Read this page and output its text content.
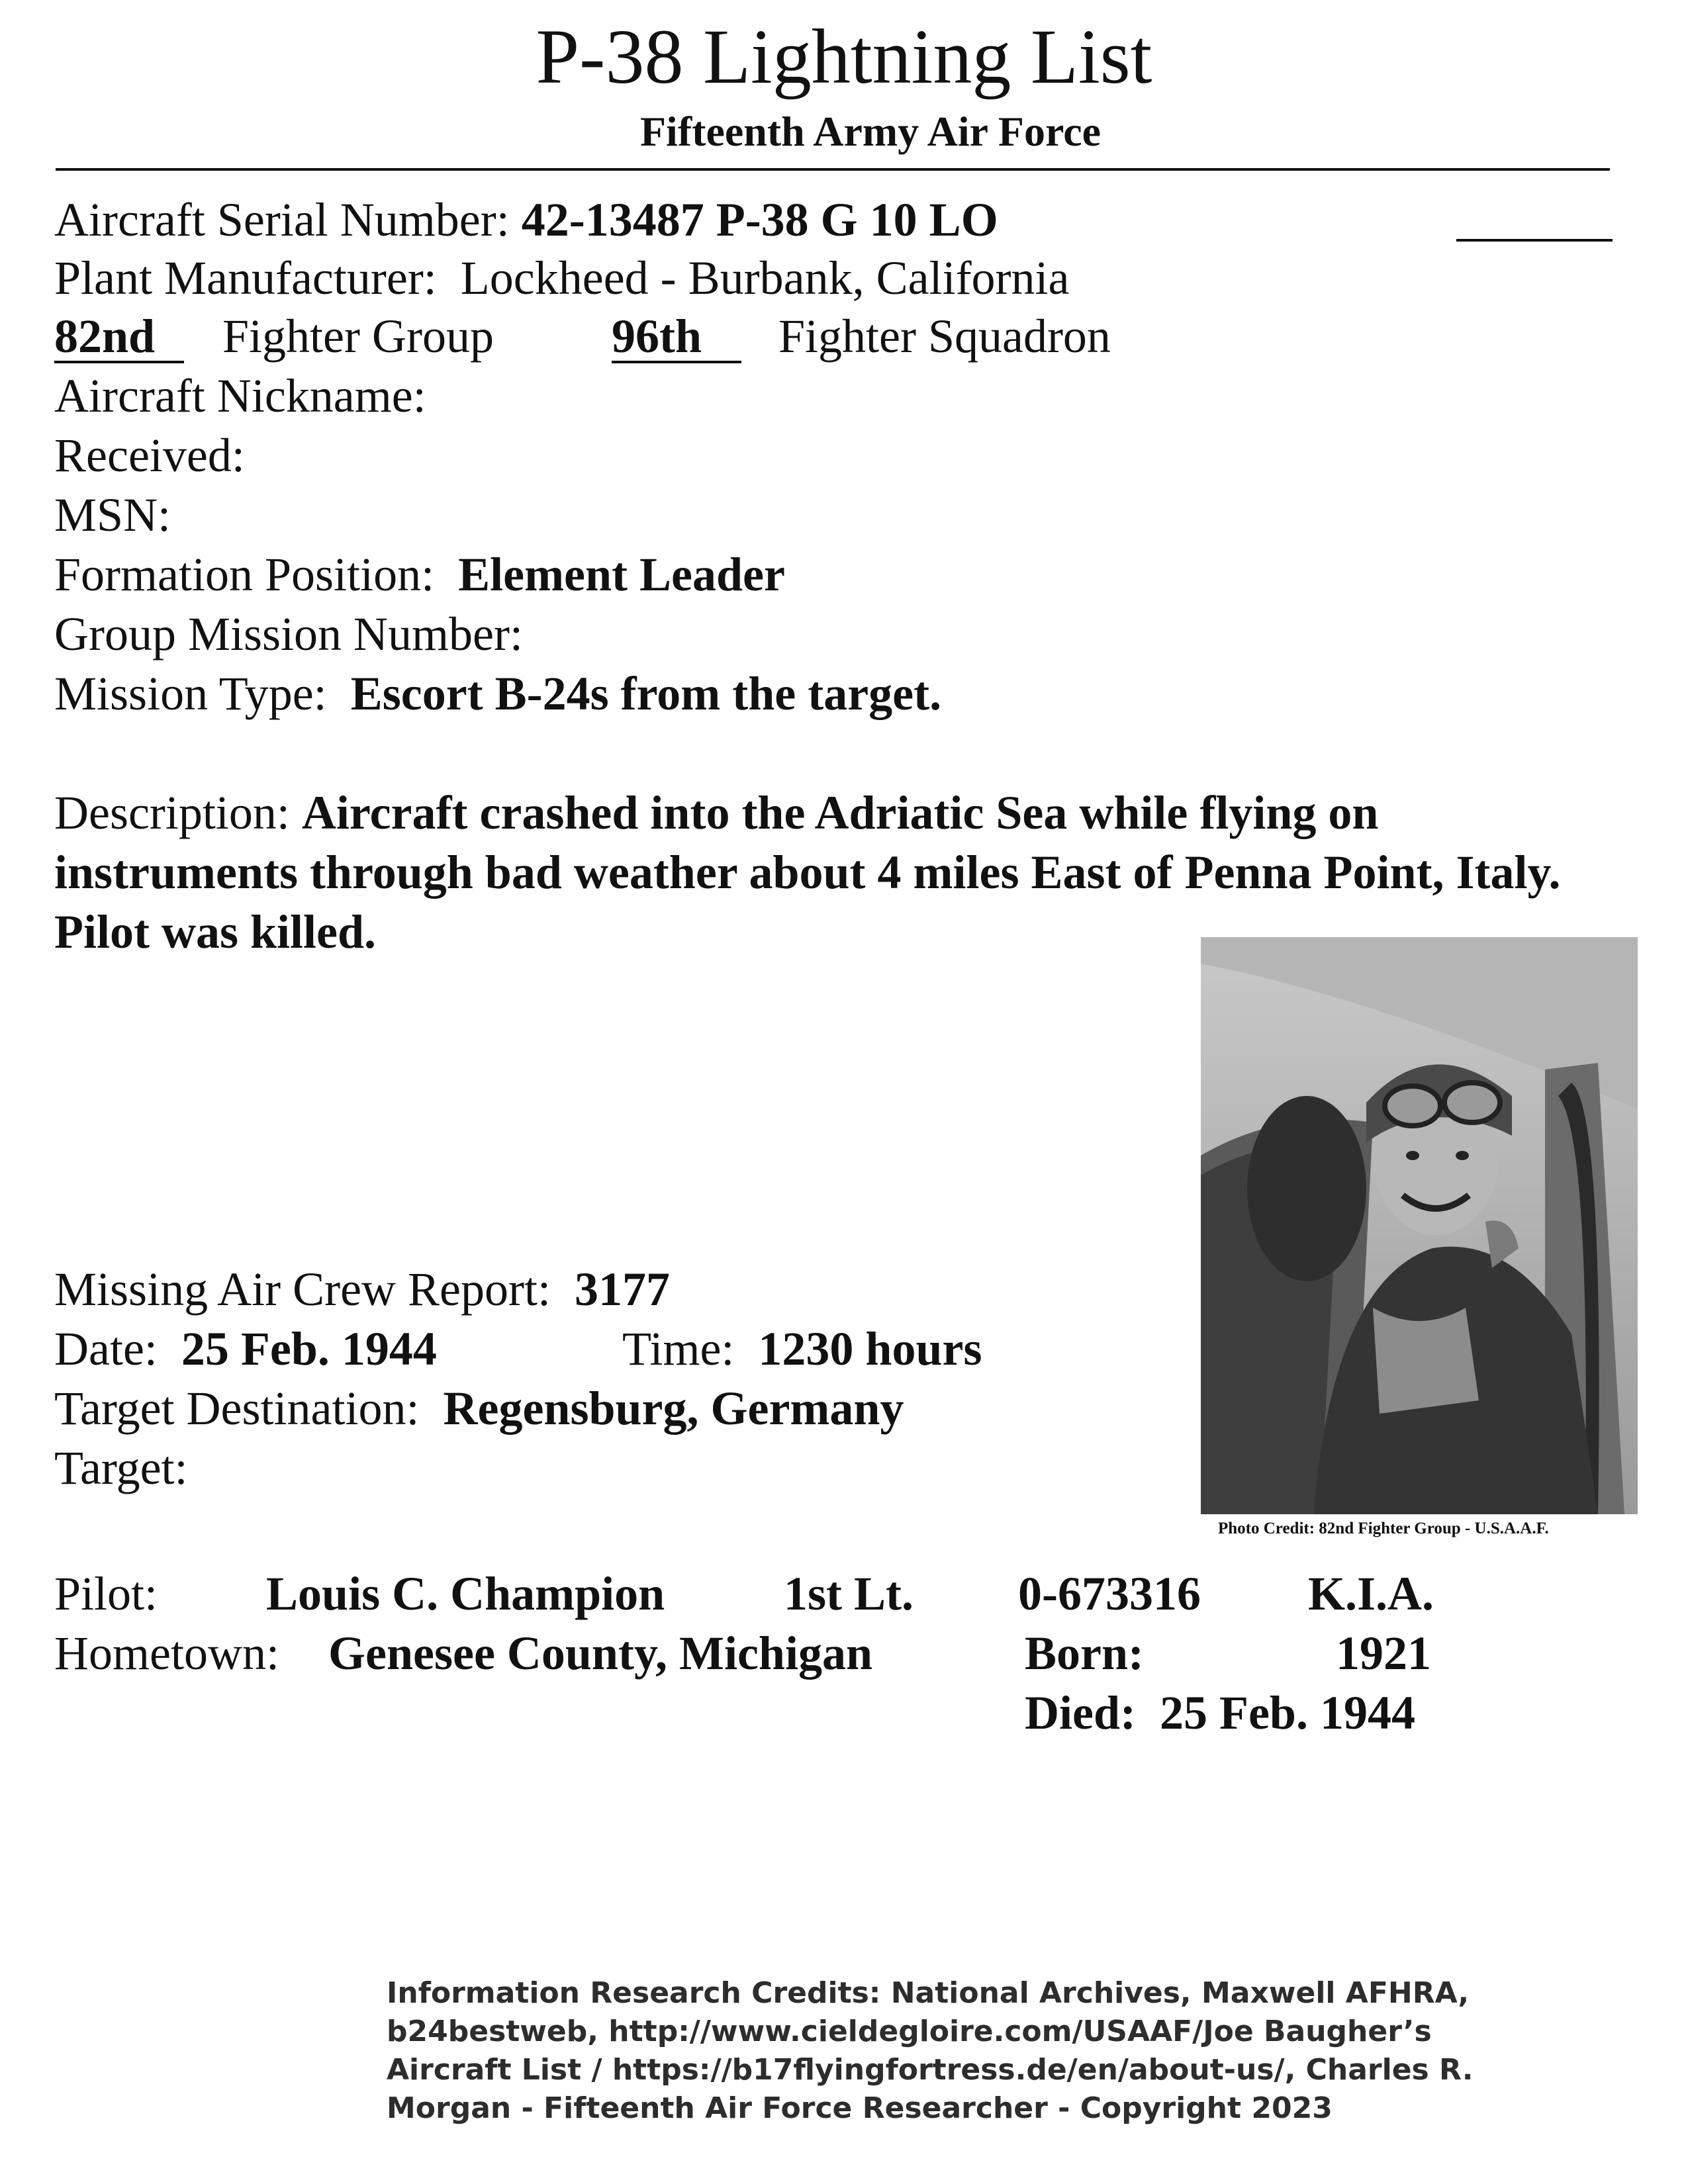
P-38 Lightning List
Fifteenth Army Air Force
Aircraft Serial Number: 42-13487 P-38 G 10 LO
Plant Manufacturer: Lockheed - Burbank, California
82nd Fighter Group 96th Fighter Squadron
Aircraft Nickname:
Received:
MSN:
Formation Position: Element Leader
Group Mission Number:
Mission Type: Escort B-24s from the target.
Description: Aircraft crashed into the Adriatic Sea while flying on
instruments through bad weather about 4 miles East of Penna Point, Italy.
Pilot was killed.
Photo Credit: 82nd Fighter Group - U.S.A.A.F.
Missing Air Crew Report: 3177
Date: 25 Feb. 1944	Time: 1230 hours
Target Destination: Regensburg, Germany
Target:
Pilot: Louis C. Champion 1st Lt. 0-673316 K.I.A.
Hometown: Genesee County, Michigan	Born:	1921
Died: 25 Feb. 1944
Information Research Credits: National Archives, Maxwell AFHRA,
b24bestweb, http://www.cieldegloire.com/USAAF/Joe Baugher’s
Aircraft List / https://b17flyingfortress.de/en/about-us/, Charles R.
Morgan - Fifteenth Air Force Researcher - Copyright 2023
